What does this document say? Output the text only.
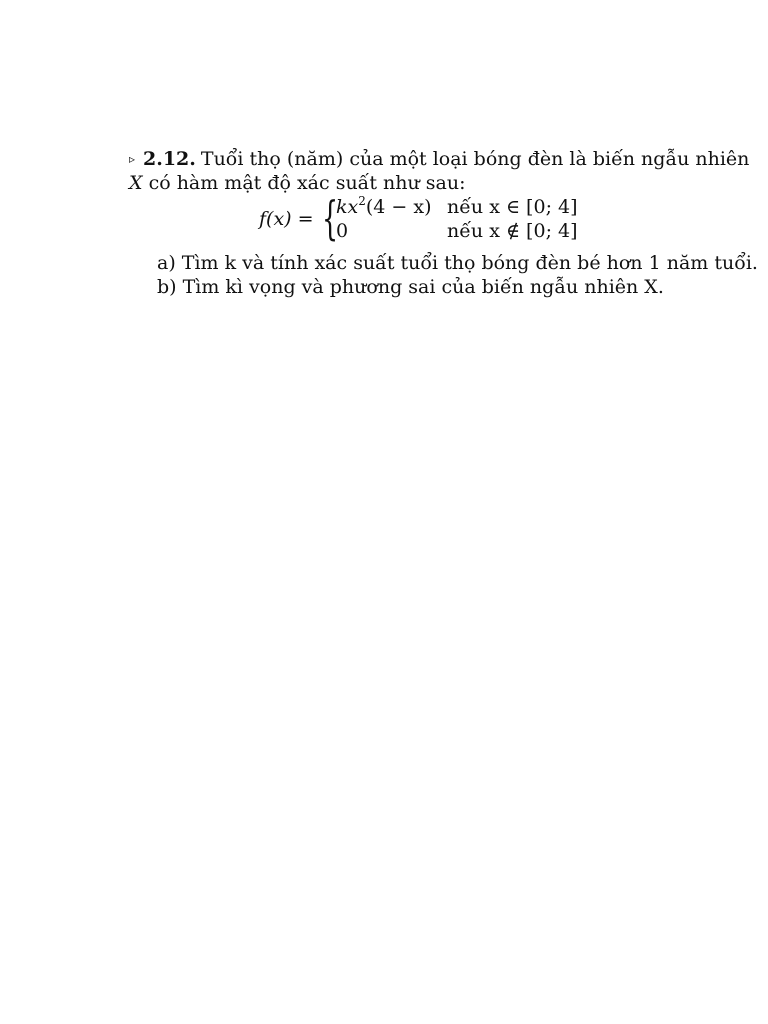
▹ 2.12. Tuổi thọ (năm) của một loại bóng đèn là biến ngẫu nhiên
X có hàm mật độ xác suất như sau:
f(x) = {
$kx^2(4 - x)$ nếu x ∈ [0; 4]
0	nếu x ∉ [0; 4]
a) Tìm k và tính xác suất tuổi thọ bóng đèn bé hơn 1 năm tuổi.
b) Tìm kì vọng và phương sai của biến ngẫu nhiên X.
